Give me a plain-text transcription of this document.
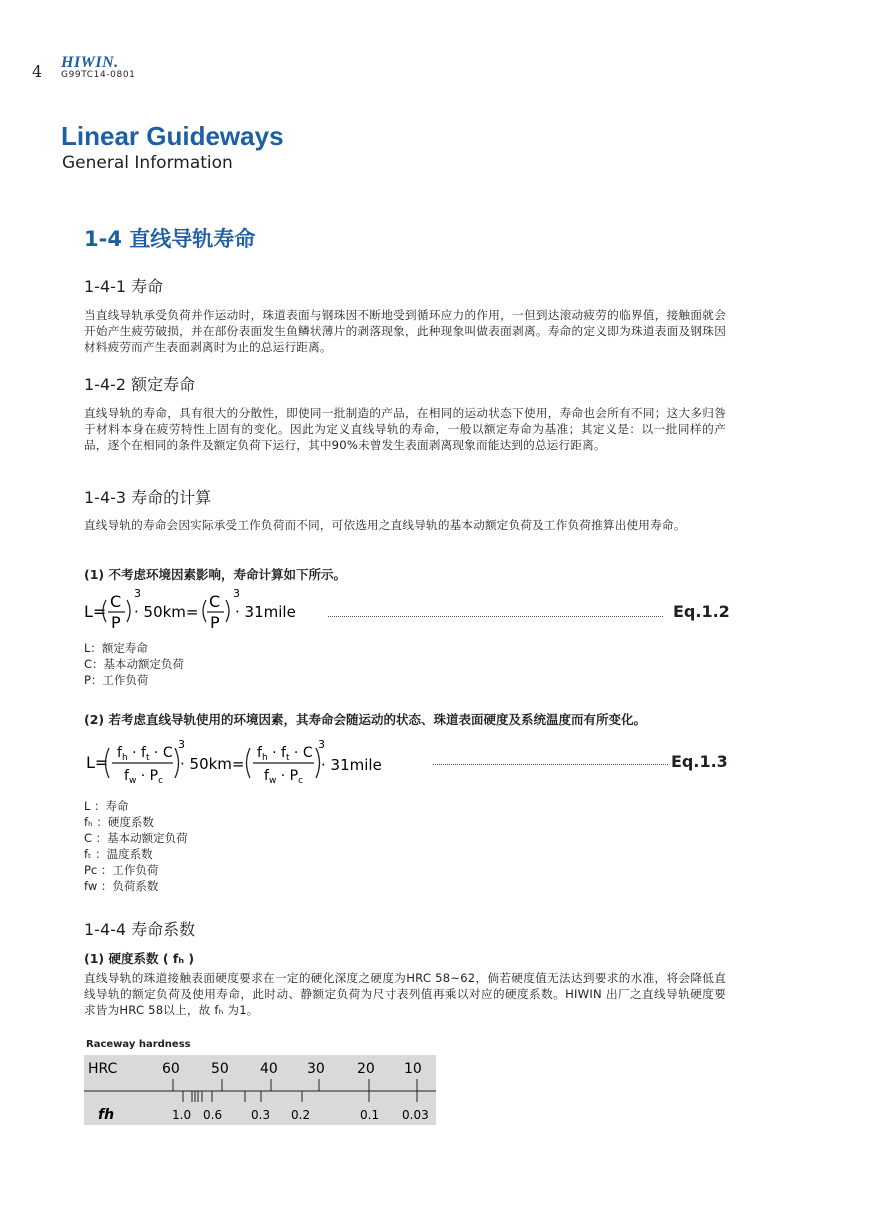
4 HIWIN.
G99TC14-0801
Linear Guideways
General Information
1-4 直线导轨寿命
1-4-1 寿命
当直线导轨承受负荷并作运动时，珠道表面与钢珠因不断地受到循环应力的作用，一但到达滚动疲劳的临界值，接触面就会开始产生疲劳破损，并在部份表面发生鱼鳞状薄片的剥落现象，此种现象叫做表面剥离。寿命的定义即为珠道表面及钢珠因材料疲劳而产生表面剥离时为止的总运行距离。
1-4-2 额定寿命
直线导轨的寿命，具有很大的分散性，即使同一批制造的产品，在相同的运动状态下使用，寿命也会所有不同；这大多归咎于材料本身在疲劳特性上固有的变化。因此为定义直线导轨的寿命，一般以额定寿命为基准；其定义是：以一批同样的产品，逐个在相同的条件及额定负荷下运行，其中90%未曾发生表面剥离现象而能达到的总运行距离。
1-4-3 寿命的计算
直线导轨的寿命会因实际承受工作负荷而不同，可依选用之直线导轨的基本动额定负荷及工作负荷推算出使用寿命。
(1) 不考虑环境因素影响，寿命计算如下所示。
L=
C
P
3
· 50km=
C
P
3
· 31mile	Eq.1.2
L：额定寿命
C：基本动额定负荷
P：工作负荷
(2) 若考虑直线导轨使用的环境因素，其寿命会随运动的状态、珠道表面硬度及系统温度而有所变化。
$L= f_h \cdot f_t \cdot C$
$f_w \cdot P_c$
3
· 50km=
$f_h \cdot f_t \cdot C$
$f_w \cdot P_c$
3
· 31mile	Eq.1.3
L ：寿命
fₕ ：硬度系数
C ：基本动额定负荷
fₜ ：温度系数
Pc ：工作负荷
fw ：负荷系数
1-4-4 寿命系数
(1) 硬度系数 ( fₕ )
直线导轨的珠道接触表面硬度要求在一定的硬化深度之硬度为HRC 58~62，倘若硬度值无法达到要求的水准，将会降低直线导轨的额定负荷及使用寿命，此时动、静额定负荷为尺寸表列值再乘以对应的硬度系数。HIWIN 出厂之直线导轨硬度要求皆为HRC 58以上，故 fₕ 为1。
Raceway hardness
HRC	60 50 40 30 20 10
fh	1.0 0.6 0.3 0.2	0.1 0.03
